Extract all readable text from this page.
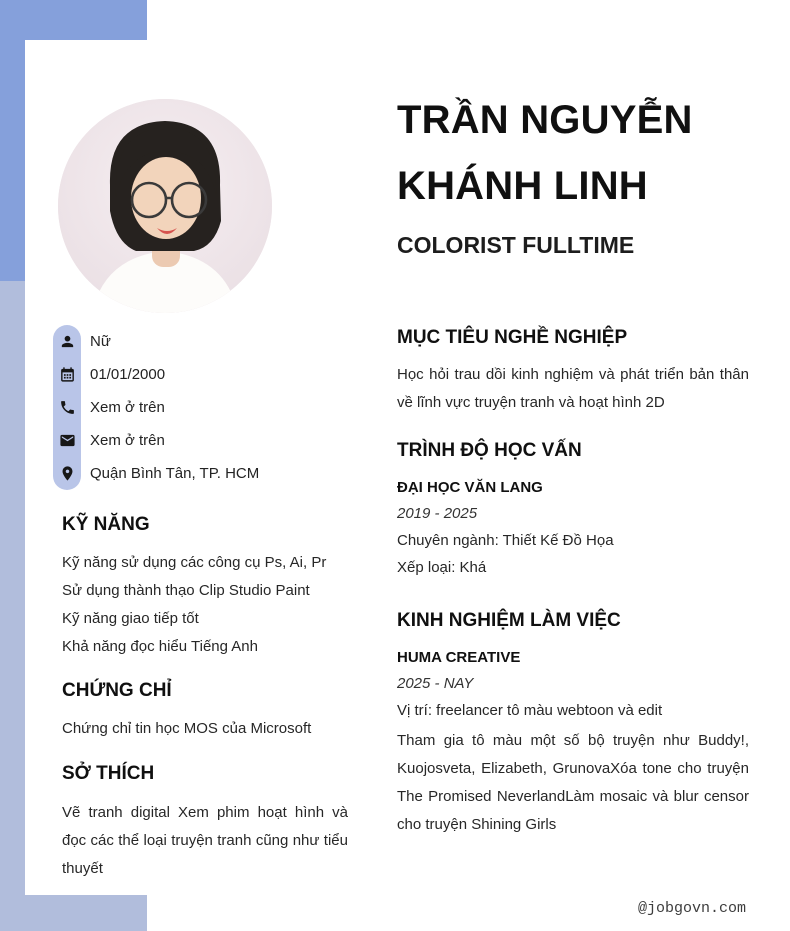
TRẦN NGUYỄN
KHÁNH LINH
COLORIST FULLTIME
Nữ
01/01/2000
Xem ở trên
Xem ở trên
Quận Bình Tân, TP. HCM
KỸ NĂNG
Kỹ năng sử dụng các công cụ Ps, Ai, Pr
Sử dụng thành thạo Clip Studio Paint
Kỹ năng giao tiếp tốt
Khả năng đọc hiểu Tiếng Anh
CHỨNG CHỈ
Chứng chỉ tin học MOS của Microsoft
SỞ THÍCH
Vẽ tranh digital Xem phim hoạt hình và đọc các thể loại truyện tranh cũng như tiểu thuyết
MỤC TIÊU NGHỀ NGHIỆP
Học hỏi trau dồi kinh nghiệm và phát triển bản thân về lĩnh vực truyện tranh và hoạt hình 2D
TRÌNH ĐỘ HỌC VẤN
ĐẠI HỌC VĂN LANG
2019 - 2025
Chuyên ngành: Thiết Kế Đồ Họa
Xếp loại: Khá
KINH NGHIỆM LÀM VIỆC
HUMA CREATIVE
2025 - NAY
Vị trí: freelancer tô màu webtoon và edit
Tham gia tô màu một số bộ truyện như Buddy!, Kuojosveta, Elizabeth, GrunovaXóa tone cho truyện The Promised NeverlandLàm mosaic và blur censor cho truyện Shining Girls
@jobgovn.com
